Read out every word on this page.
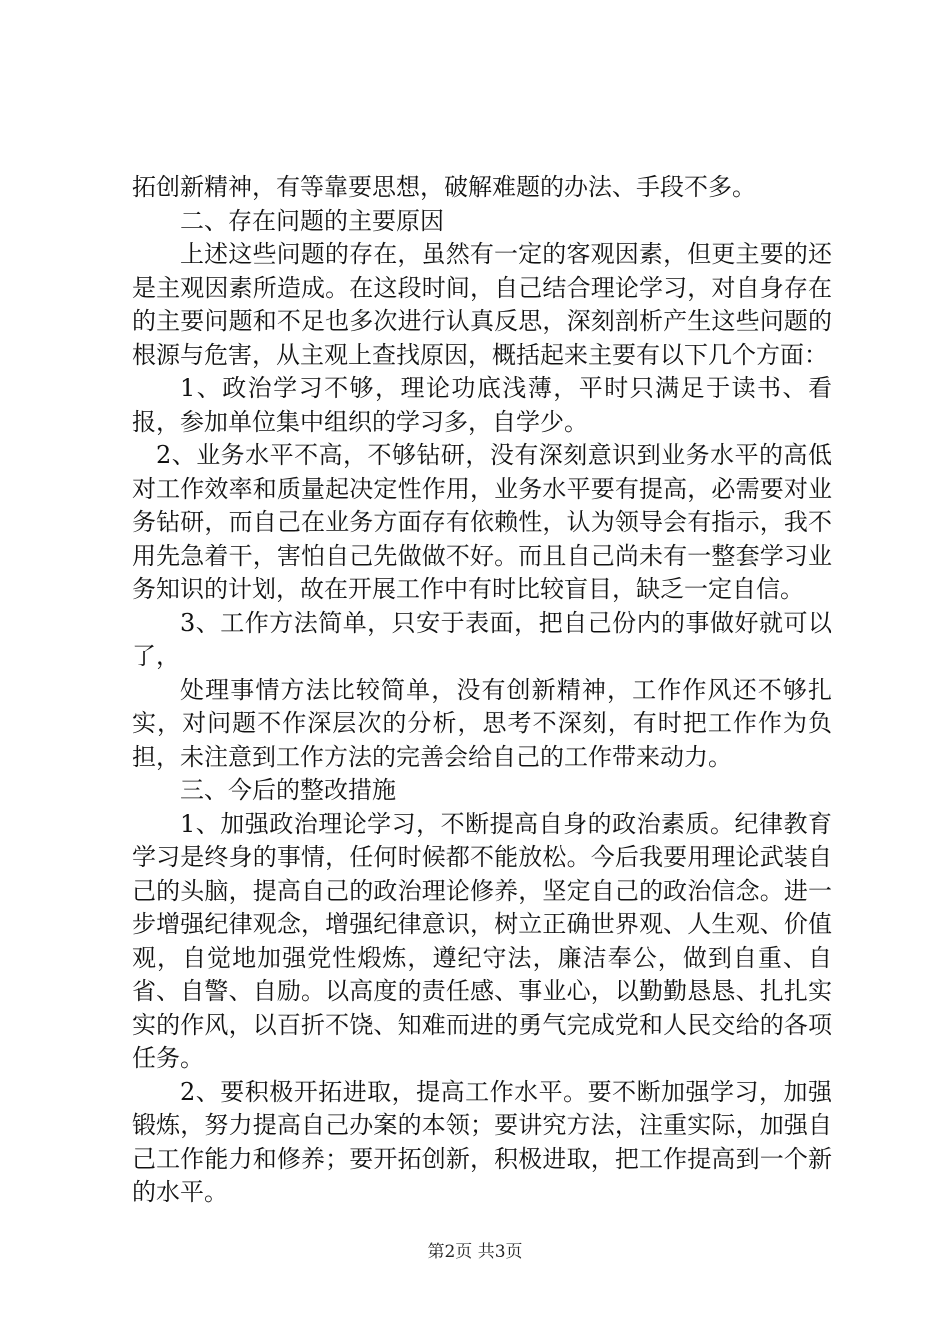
拓创新精神，有等靠要思想，破解难题的办法、手段不多。

二、存在问题的主要原因

上述这些问题的存在，虽然有一定的客观因素，但更主要的还是主观因素所造成。在这段时间，自己结合理论学习，对自身存在的主要问题和不足也多次进行认真反思，深刻剖析产生这些问题的根源与危害，从主观上查找原因，概括起来主要有以下几个方面：

1、政治学习不够，理论功底浅薄，平时只满足于读书、看报，参加单位集中组织的学习多，自学少。

2、业务水平不高，不够钻研，没有深刻意识到业务水平的高低对工作效率和质量起决定性作用，业务水平要有提高，必需要对业务钻研，而自己在业务方面存有依赖性，认为领导会有指示，我不用先急着干，害怕自己先做做不好。而且自己尚未有一整套学习业务知识的计划，故在开展工作中有时比较盲目，缺乏一定自信。

3、工作方法简单，只安于表面，把自己份内的事做好就可以了，

处理事情方法比较简单，没有创新精神，工作作风还不够扎实，对问题不作深层次的分析，思考不深刻，有时把工作作为负担，未注意到工作方法的完善会给自己的工作带来动力。

三、今后的整改措施

1、加强政治理论学习，不断提高自身的政治素质。纪律教育学习是终身的事情，任何时候都不能放松。今后我要用理论武装自己的头脑，提高自己的政治理论修养，坚定自己的政治信念。进一步增强纪律观念，增强纪律意识，树立正确世界观、人生观、价值观，自觉地加强党性煅炼，遵纪守法，廉洁奉公，做到自重、自省、自警、自励。以高度的责任感、事业心，以勤勤恳恳、扎扎实实的作风，以百折不饶、知难而进的勇气完成党和人民交给的各项任务。

2、要积极开拓进取，提高工作水平。要不断加强学习，加强锻炼，努力提高自己办案的本领；要讲究方法，注重实际，加强自己工作能力和修养；要开拓创新，积极进取，把工作提高到一个新的水平。

第2页 共3页
